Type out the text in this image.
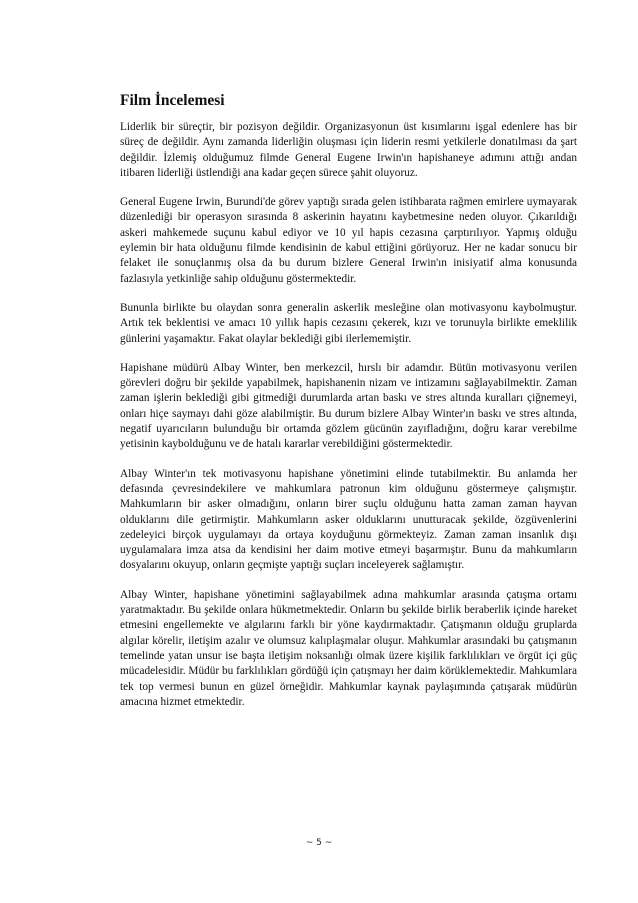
Film İncelemesi

Liderlik bir süreçtir, bir pozisyon değildir. Organizasyonun üst kısımlarını işgal edenlere has bir süreç de değildir. Aynı zamanda liderliğin oluşması için liderin resmi yetkilerle donatılması da şart değildir. İzlemiş olduğumuz filmde General Eugene Irwin'ın hapishaneye adımını attığı andan itibaren liderliği üstlendiği ana kadar geçen sürece şahit oluyoruz.

General Eugene Irwin, Burundi'de görev yaptığı sırada gelen istihbarata rağmen emirlere uymayarak düzenlediği bir operasyon sırasında 8 askerinin hayatını kaybetmesine neden oluyor. Çıkarıldığı askeri mahkemede suçunu kabul ediyor ve 10 yıl hapis cezasına çarptırılıyor. Yapmış olduğu eylemin bir hata olduğunu filmde kendisinin de kabul ettiğini görüyoruz. Her ne kadar sonucu bir felaket ile sonuçlanmış olsa da bu durum bizlere General Irwin'ın inisiyatif alma konusunda fazlasıyla yetkinliğe sahip olduğunu göstermektedir.

Bununla birlikte bu olaydan sonra generalin askerlik mesleğine olan motivasyonu kaybolmuştur. Artık tek beklentisi ve amacı 10 yıllık hapis cezasını çekerek, kızı ve torunuyla birlikte emeklilik günlerini yaşamaktır. Fakat olaylar beklediği gibi ilerlememiştir.

Hapishane müdürü Albay Winter, ben merkezcil, hırslı bir adamdır. Bütün motivasyonu verilen görevleri doğru bir şekilde yapabilmek, hapishanenin nizam ve intizamını sağlayabilmektir. Zaman zaman işlerin beklediği gibi gitmediği durumlarda artan baskı ve stres altında kuralları çiğnemeyi, onları hiçe saymayı dahi göze alabilmiştir. Bu durum bizlere Albay Winter'ın baskı ve stres altında, negatif uyarıcıların bulunduğu bir ortamda gözlem gücünün zayıfladığını, doğru karar verebilme yetisinin kaybolduğunu ve de hatalı kararlar verebildiğini göstermektedir.

Albay Winter'ın tek motivasyonu hapishane yönetimini elinde tutabilmektir. Bu anlamda her defasında çevresindekilere ve mahkumlara patronun kim olduğunu göstermeye çalışmıştır. Mahkumların bir asker olmadığını, onların birer suçlu olduğunu hatta zaman zaman hayvan olduklarını dile getirmiştir. Mahkumların asker olduklarını unutturacak şekilde, özgüvenlerini zedeleyici birçok uygulamayı da ortaya koyduğunu görmekteyiz. Zaman zaman insanlık dışı uygulamalara imza atsa da kendisini her daim motive etmeyi başarmıştır. Bunu da mahkumların dosyalarını okuyup, onların geçmişte yaptığı suçları inceleyerek sağlamıştır.

Albay Winter, hapishane yönetimini sağlayabilmek adına mahkumlar arasında çatışma ortamı yaratmaktadır. Bu şekilde onlara hükmetmektedir. Onların bu şekilde birlik beraberlik içinde hareket etmesini engellemekte ve algılarını farklı bir yöne kaydırmaktadır. Çatışmanın olduğu gruplarda algılar körelir, iletişim azalır ve olumsuz kalıplaşmalar oluşur. Mahkumlar arasındaki bu çatışmanın temelinde yatan unsur ise başta iletişim noksanlığı olmak üzere kişilik farklılıkları ve örgüt içi güç mücadelesidir. Müdür bu farklılıkları gördüğü için çatışmayı her daim körüklemektedir. Mahkumlara tek top vermesi bunun en güzel örneğidir. Mahkumlar kaynak paylaşımında çatışarak müdürün amacına hizmet etmektedir.

~ 5 ~
